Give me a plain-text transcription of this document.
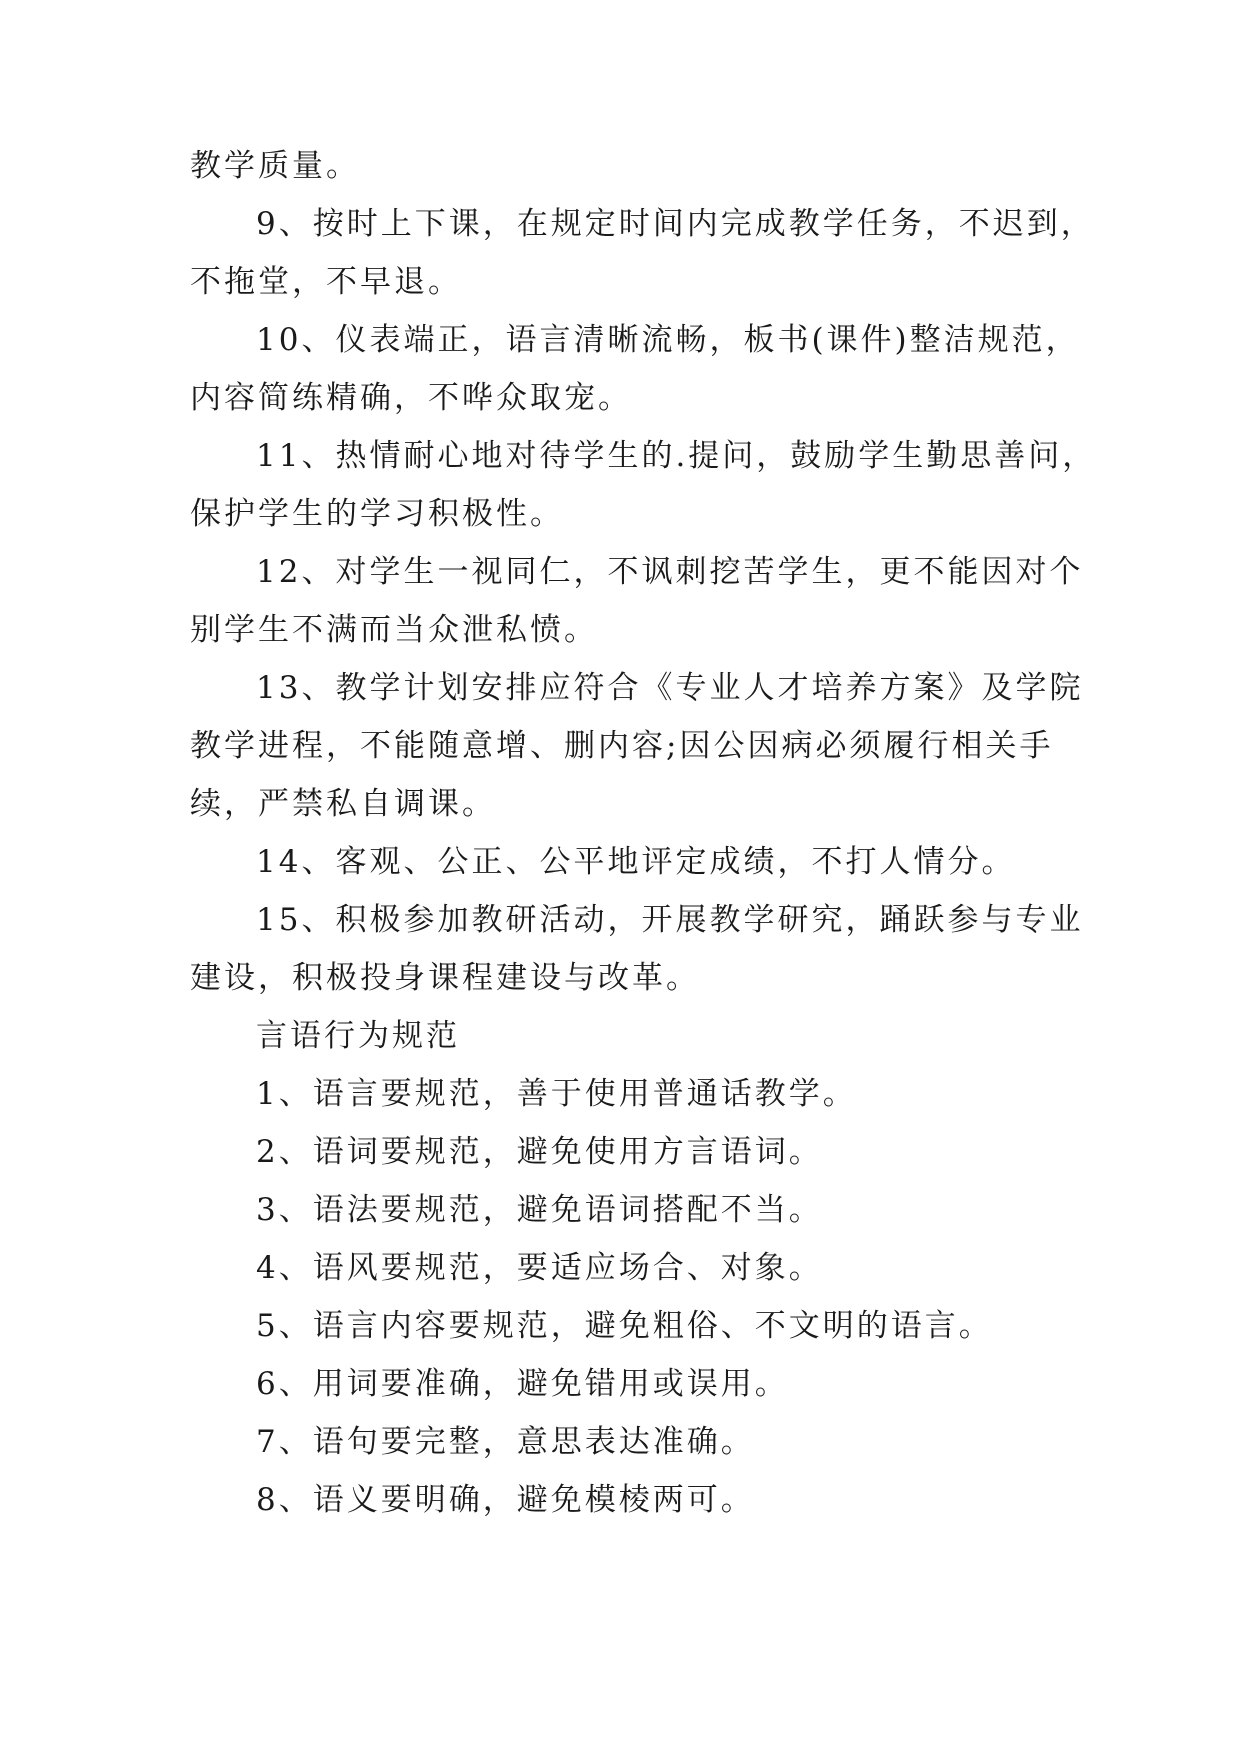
教学质量。
9、按时上下课，在规定时间内完成教学任务，不迟到，
不拖堂，不早退。
10、仪表端正，语言清晰流畅，板书(课件)整洁规范，
内容简练精确，不哗众取宠。
11、热情耐心地对待学生的.提问，鼓励学生勤思善问，
保护学生的学习积极性。
12、对学生一视同仁，不讽刺挖苦学生，更不能因对个
别学生不满而当众泄私愤。
13、教学计划安排应符合《专业人才培养方案》及学院
教学进程，不能随意增、删内容;因公因病必须履行相关手
续，严禁私自调课。
14、客观、公正、公平地评定成绩，不打人情分。
15、积极参加教研活动，开展教学研究，踊跃参与专业
建设，积极投身课程建设与改革。
言语行为规范
1、语言要规范，善于使用普通话教学。
2、语词要规范，避免使用方言语词。
3、语法要规范，避免语词搭配不当。
4、语风要规范，要适应场合、对象。
5、语言内容要规范，避免粗俗、不文明的语言。
6、用词要准确，避免错用或误用。
7、语句要完整，意思表达准确。
8、语义要明确，避免模棱两可。
